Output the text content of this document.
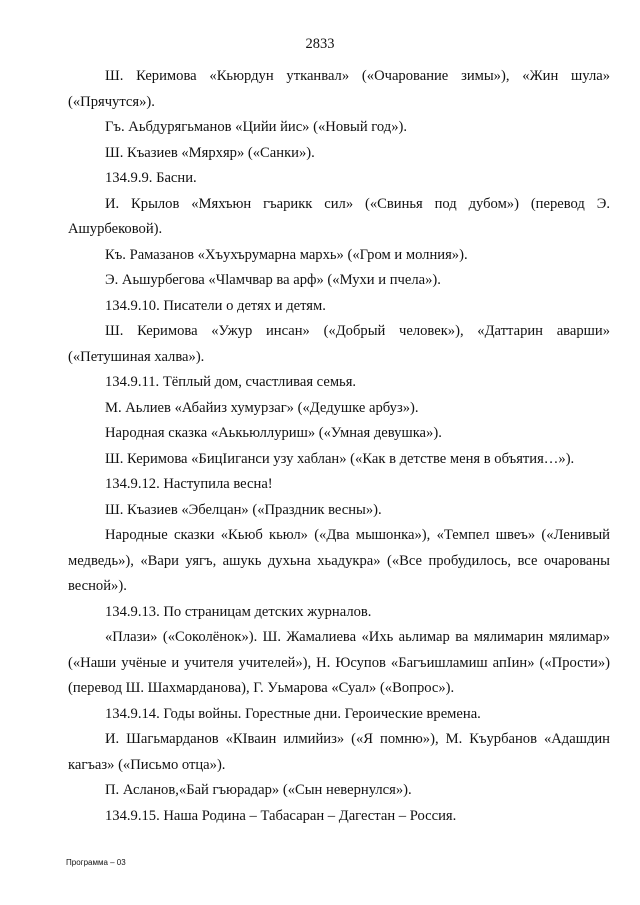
2833

Ш. Керимова «Кьюрдун утканвал» («Очарование зимы»), «Жин шула» («Прячутся»).

Гъ. Аьбдурягьманов «Цийи йис» («Новый год»).

Ш. Къазиев «Мярхяр» («Санки»).

134.9.9. Басни.

И. Крылов «Мяхъюн гъарикк сил» («Свинья под дубом») (перевод Э. Ашурбековой).

Къ. Рамазанов «Хъухърумарна мархь» («Гром и молния»).

Э. Аьшурбегова «Чlамчвар ва арф» («Мухи и пчела»).

134.9.10. Писатели о детях и детям.

Ш. Керимова «Ужур инсан» («Добрый человек»), «Даттарин аварши» («Петушиная халва»).

134.9.11. Тёплый дом, счастливая семья.

М. Аьлиев «Абайиз хумурзаг» («Дедушке арбуз»).

Народная сказка «Аькьюллуриш» («Умная девушка»).

Ш. Керимова «БицІиганси узу хаблан» («Как в детстве меня в объятия…»).

134.9.12. Наступила весна!

Ш. Къазиев «Эбелцан» («Праздник весны»).

Народные сказки «Кьюб кьюл» («Два мышонка»), «Темпел швеъ» («Ленивый медведь»), «Вари уягъ, ашукь духьна хьадукра» («Все пробудилось, все очарованы весной»).

134.9.13. По страницам детских журналов.

«Плази» («Соколёнок»). Ш. Жамалиева «Ихь аьлимар ва мялимарин мялимар» («Наши учёные и учителя учителей»), Н. Юсупов «Багъишламиш апІин» («Прости») (перевод Ш. Шахмарданова), Г. Уьмарова «Суал» («Вопрос»).

134.9.14. Годы войны. Горестные дни. Героические времена.

И. Шагьмарданов «КІваин илмийиз» («Я помню»), М. Къурбанов «Адашдин кагъаз» («Письмо отца»).

П. Асланов,«Бай гъюрадар» («Сын невернулся»).

134.9.15. Наша Родина – Табасаран – Дагестан – Россия.

Программа – 03
